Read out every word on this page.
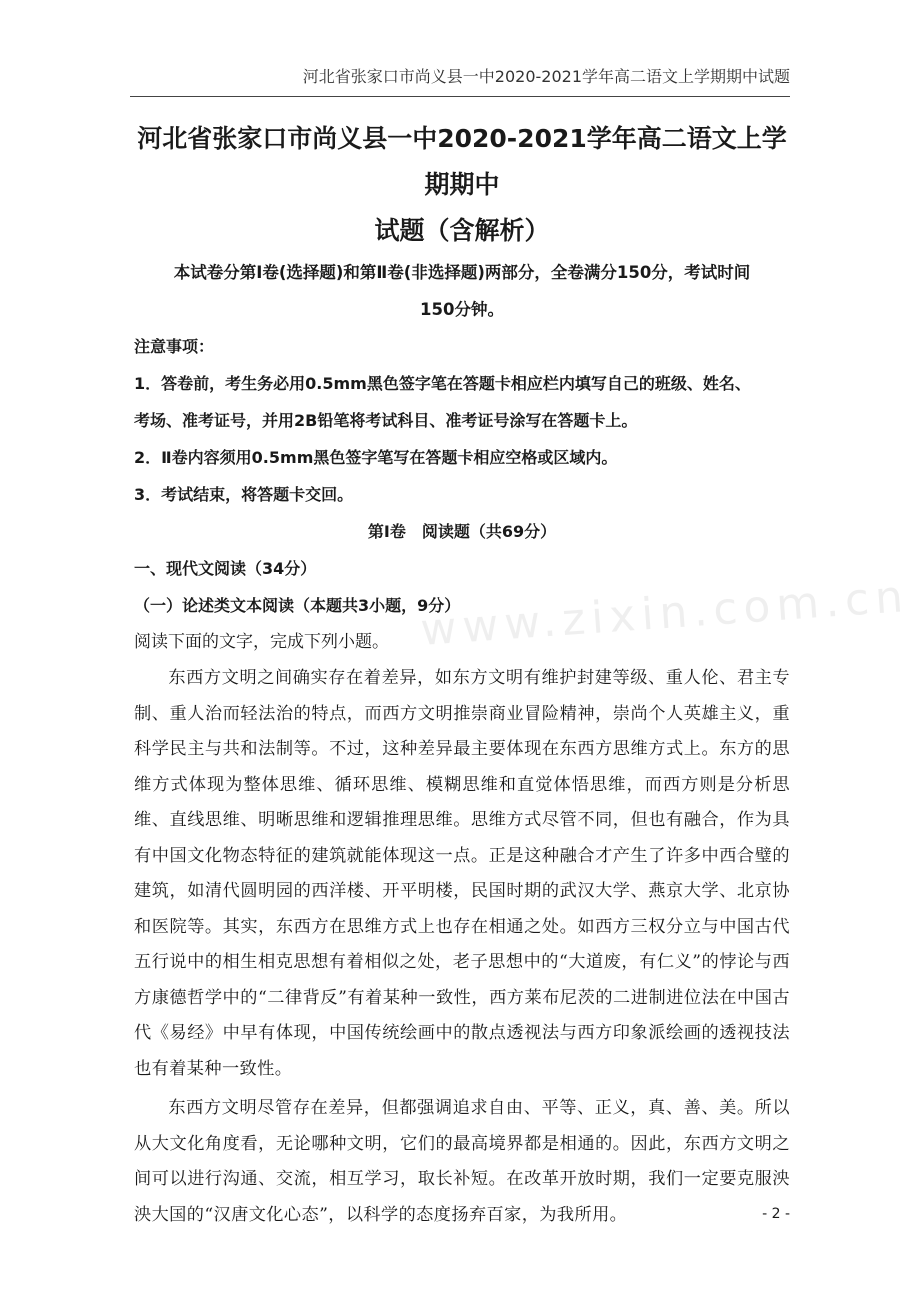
河北省张家口市尚义县一中2020-2021学年高二语文上学期期中试题
www.zixin.com.cn
河北省张家口市尚义县一中2020-2021学年高二语文上学期期中
试题（含解析）

本试卷分第Ⅰ卷(选择题)和第Ⅱ卷(非选择题)两部分，全卷满分150分，考试时间
150分钟。

注意事项：

1．答卷前，考生务必用0.5mm黑色签字笔在答题卡相应栏内填写自己的班级、姓名、

考场、准考证号，并用2B铅笔将考试科目、准考证号涂写在答题卡上。

2．Ⅱ卷内容须用0.5mm黑色签字笔写在答题卡相应空格或区域内。

3．考试结束，将答题卡交回。

第Ⅰ卷　阅读题（共69分）

一、现代文阅读（34分）

（一）论述类文本阅读（本题共3小题，9分）

阅读下面的文字，完成下列小题。

东西方文明之间确实存在着差异，如东方文明有维护封建等级、重人伦、君主专制、重人治而轻法治的特点，而西方文明推崇商业冒险精神，崇尚个人英雄主义，重科学民主与共和法制等。不过，这种差异最主要体现在东西方思维方式上。东方的思维方式体现为整体思维、循环思维、模糊思维和直觉体悟思维，而西方则是分析思维、直线思维、明晰思维和逻辑推理思维。思维方式尽管不同，但也有融合，作为具有中国文化物态特征的建筑就能体现这一点。正是这种融合才产生了许多中西合璧的建筑，如清代圆明园的西洋楼、开平明楼，民国时期的武汉大学、燕京大学、北京协和医院等。其实，东西方在思维方式上也存在相通之处。如西方三权分立与中国古代五行说中的相生相克思想有着相似之处，老子思想中的“大道废，有仁义”的悖论与西方康德哲学中的“二律背反”有着某种一致性，西方莱布尼茨的二进制进位法在中国古代《易经》中早有体现，中国传统绘画中的散点透视法与西方印象派绘画的透视技法也有着某种一致性。

东西方文明尽管存在差异，但都强调追求自由、平等、正义，真、善、美。所以从大文化角度看，无论哪种文明，它们的最高境界都是相通的。因此，东西方文明之间可以进行沟通、交流，相互学习，取长补短。在改革开放时期，我们一定要克服泱泱大国的“汉唐文化心态”，以科学的态度扬弃百家，为我所用。	- 2 -
